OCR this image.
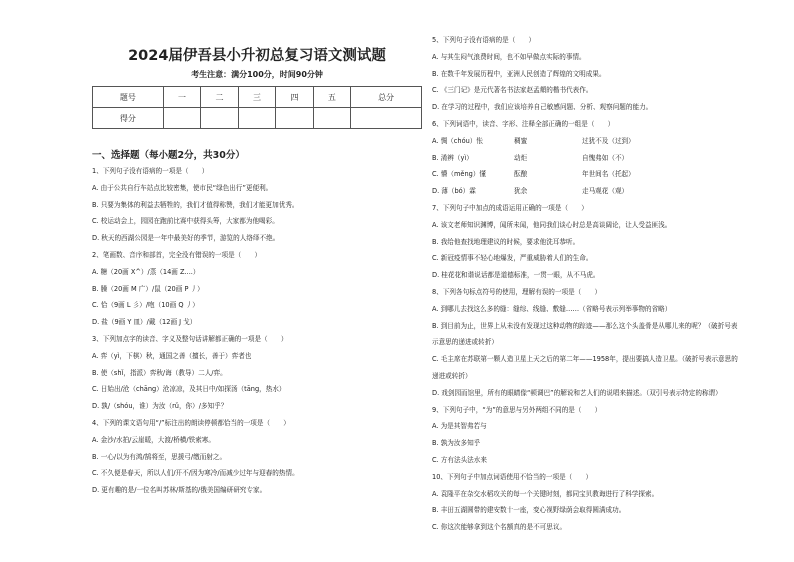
2024届伊吾县小升初总复习语文测试题
考生注意：满分100分，时间90分钟
题号	一	二	三	四	五	总分
得分						
一、选择题（每小题2分，共30分）
1、下列句子没有语病的一项是（　　）
A. 由于公共自行车站点比较密集，使市民“绿色出行”更便利。
B. 只要为集体的利益去牺牲的，我们才值得称赞，我们才能更加优秀。
C. 校运动会上，园园在跑前比赛中获得头筹，大家都为他喝彩。
D. 秋天的西湖公园是一年中最美好的季节，游览的人络绎不绝。
2、笔画数、音序和部首，完全没有错误的一项是（　　）
A. 糖（20画 X^）/蒸（14画 Z....）
B. 臊（20画 M 广）/鼠（20画 P 丿）
C. 恰（9画 L 彡）/咆（10画 Q 丿）
D. 盐（9画 Y 皿）/戴（12画 J 戈）
3、下列加点字的读音、字义及整句话讲解都正确的一项是（　　）
A. 弈（yì，下棋）秋，通国之善（擅长，善于）弈者也
B. 使（shǐ，指派）弈秋/诲（教导）二人/弈。
C. 日始出/沧（chāng）沧凉凉，及其日中/如探汤（tāng，热水）
D. 孰/（shóu，谁）为汝（rǔ，你）/多知乎？
4、下列的课文语句用“/”标注出的朗读停顿都恰当的一项是（　　）
A. 金沙/水拍/云崖暖，大渡/桥横/铁索寒。
B. 一心/以为有鸿/鹄将至，思援弓/缴而射之。
C. 不久便是春天，所以人们/开不/因为寒冷/而减少过年与迎春的热情。
D. 更有趣的是/一位名叫苏林/斯基的/俄美国编研研究专家。
5、下列句子没有语病的是（　　）
A. 与其生闷气浪费时间，也不如早做点实际的事情。
B. 在数千年发展历程中，亚洲人民创造了辉煌的文明成果。
C. 《三门记》是元代著名书法家赵孟頫的楷书代表作。
D. 在学习的过程中，我们应该培养自己敏感问题、分析、观察问题的能力。
6、下列词语中，读音、字形、注释全部正确的一组是（　　）
A. 惆（chóu）怅	稠蜜	过犹不及（过到）
B. 淆辨（yì）	动炬	自愧弗如（不）
C. 懵（měng）懂	酝酿	年世间名（托起）
D. 薄（bó）霖	犹余	走马观花（观）
7、下列句子中加点的成语运用正确的一项是（　　）
A. 该文老师知识渊博，闻所未闻，他同我们谈心时总是高谈阔论，让人受益匪浅。
B. 我给他查找地理建议的时候，要求他洗耳恭听。
C. 新冠疫情事不轻心地爆发，严重威胁着人们的生命。
D. 桂花花和谐说话都是道德标准，一贯一眼，从不马虎。
8、下列各句标点符号的使用，理解有误的一项是（　　）
A. 到哪儿去找这么多的缝：缝综、线缝、敷缝……（省略号表示列举事物的省略）
B. 到目前为止，世界上从未没有发现过这种动物的踪迹——那么这个头盖骨是从哪儿来的呢？（破折号表
示意思的递进或转折）
C. 毛主席在苏联第一颗人造卫星上天之后的第二年——1958年，提出要搞人造卫星。（破折号表示意思的
递进或转折）
D. 戏剑园而馆里，所有的眼睛像“顿调巴”的解说和艺人们的说唱来描述。（双引号表示特定的称谓）
9、下列句子中，“为”的意思与另外两组不同的是（　　）
A. 为是其智弗若与
B. 孰为汝多知乎
C. 方有法头法水来
10、下列句子中加点词语使用不恰当的一项是（　　）
A. 袁隆平在杂交水稻攻关的每一个关键时刻，都同宝贝教诲进行了科学探索。
B. 丰田五湖圆带的建安数十一座，变心视野绿荫会取得圆满成功。
C. 你这次能够拿到这个名额真的是不可思议。
